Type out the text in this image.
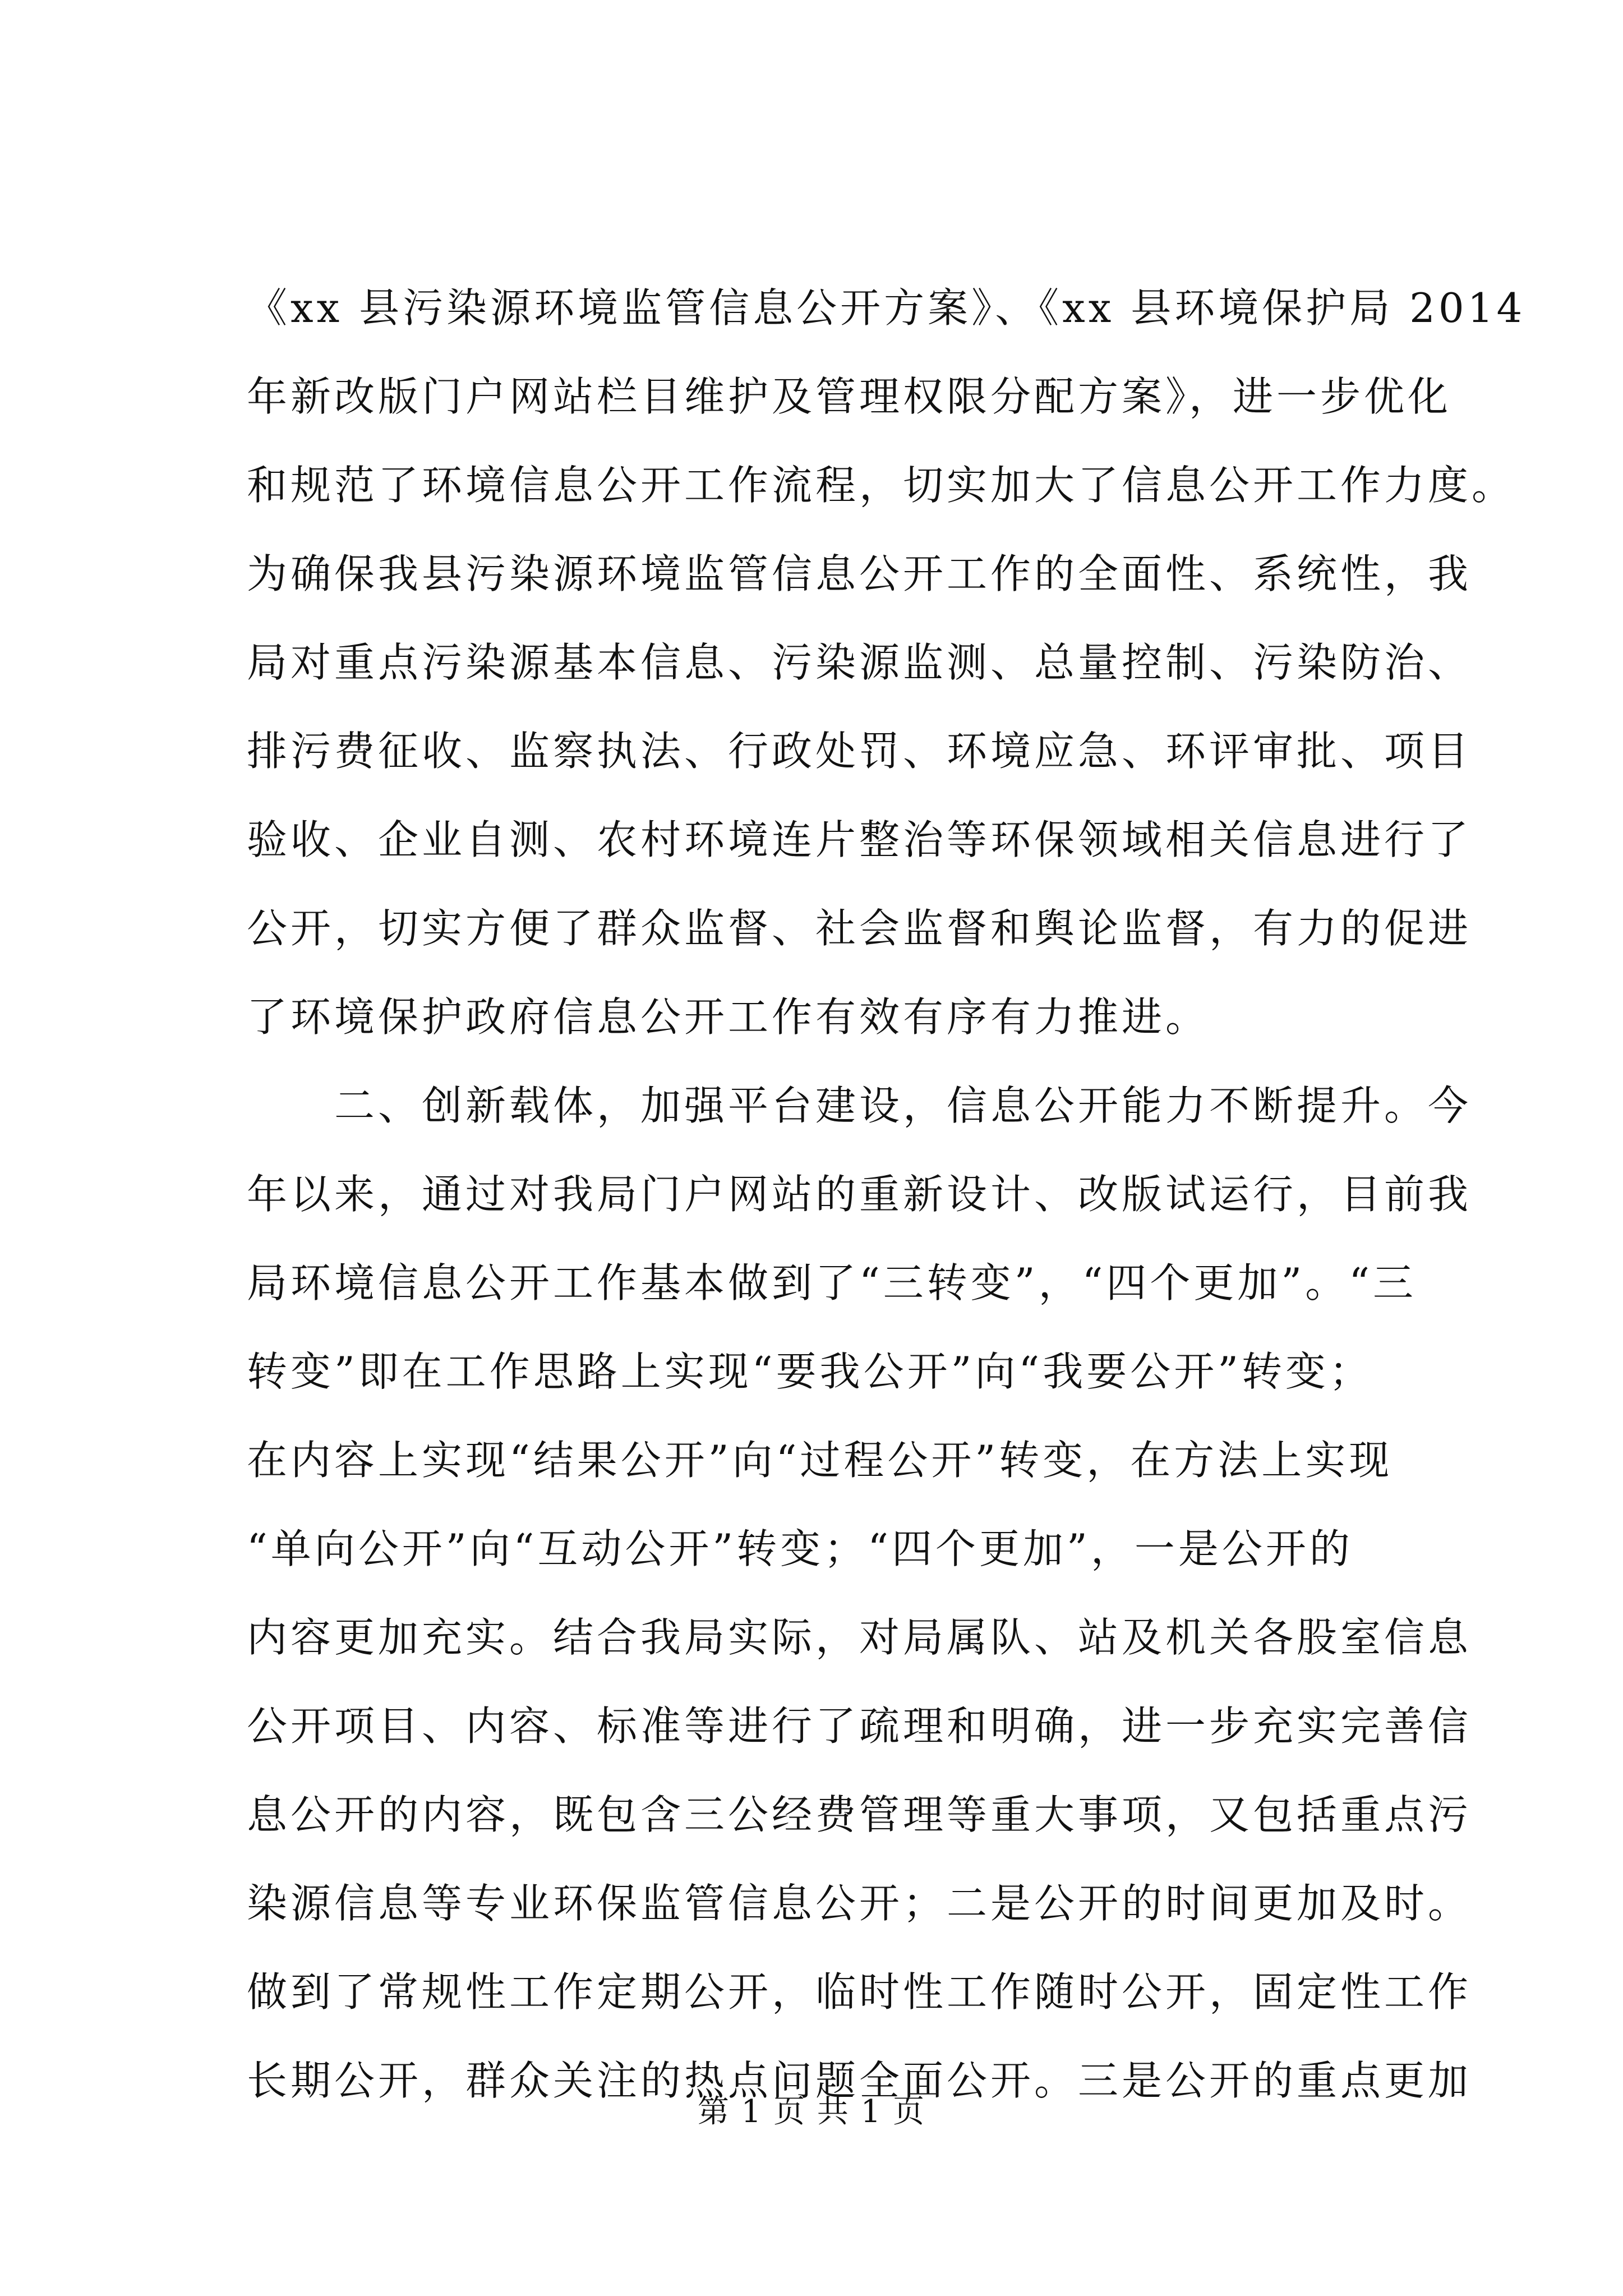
《xx 县污染源环境监管信息公开方案》、《xx 县环境保护局 2014
年新改版门户网站栏目维护及管理权限分配方案》，进一步优化
和规范了环境信息公开工作流程，切实加大了信息公开工作力度。
为确保我县污染源环境监管信息公开工作的全面性、系统性，我
局对重点污染源基本信息、污染源监测、总量控制、污染防治、
排污费征收、监察执法、行政处罚、环境应急、环评审批、项目
验收、企业自测、农村环境连片整治等环保领域相关信息进行了
公开，切实方便了群众监督、社会监督和舆论监督，有力的促进
了环境保护政府信息公开工作有效有序有力推进。
二、创新载体，加强平台建设，信息公开能力不断提升。今
年以来，通过对我局门户网站的重新设计、改版试运行，目前我
局环境信息公开工作基本做到了“三转变”，“四个更加”。“三
转变”即在工作思路上实现“要我公开”向“我要公开”转变；
在内容上实现“结果公开”向“过程公开”转变，在方法上实现
“单向公开”向“互动公开”转变；“四个更加”，一是公开的
内容更加充实。结合我局实际，对局属队、站及机关各股室信息
公开项目、内容、标准等进行了疏理和明确，进一步充实完善信
息公开的内容，既包含三公经费管理等重大事项，又包括重点污
染源信息等专业环保监管信息公开；二是公开的时间更加及时。
做到了常规性工作定期公开，临时性工作随时公开，固定性工作
长期公开，群众关注的热点问题全面公开。三是公开的重点更加
第 1 页 共 1 页
